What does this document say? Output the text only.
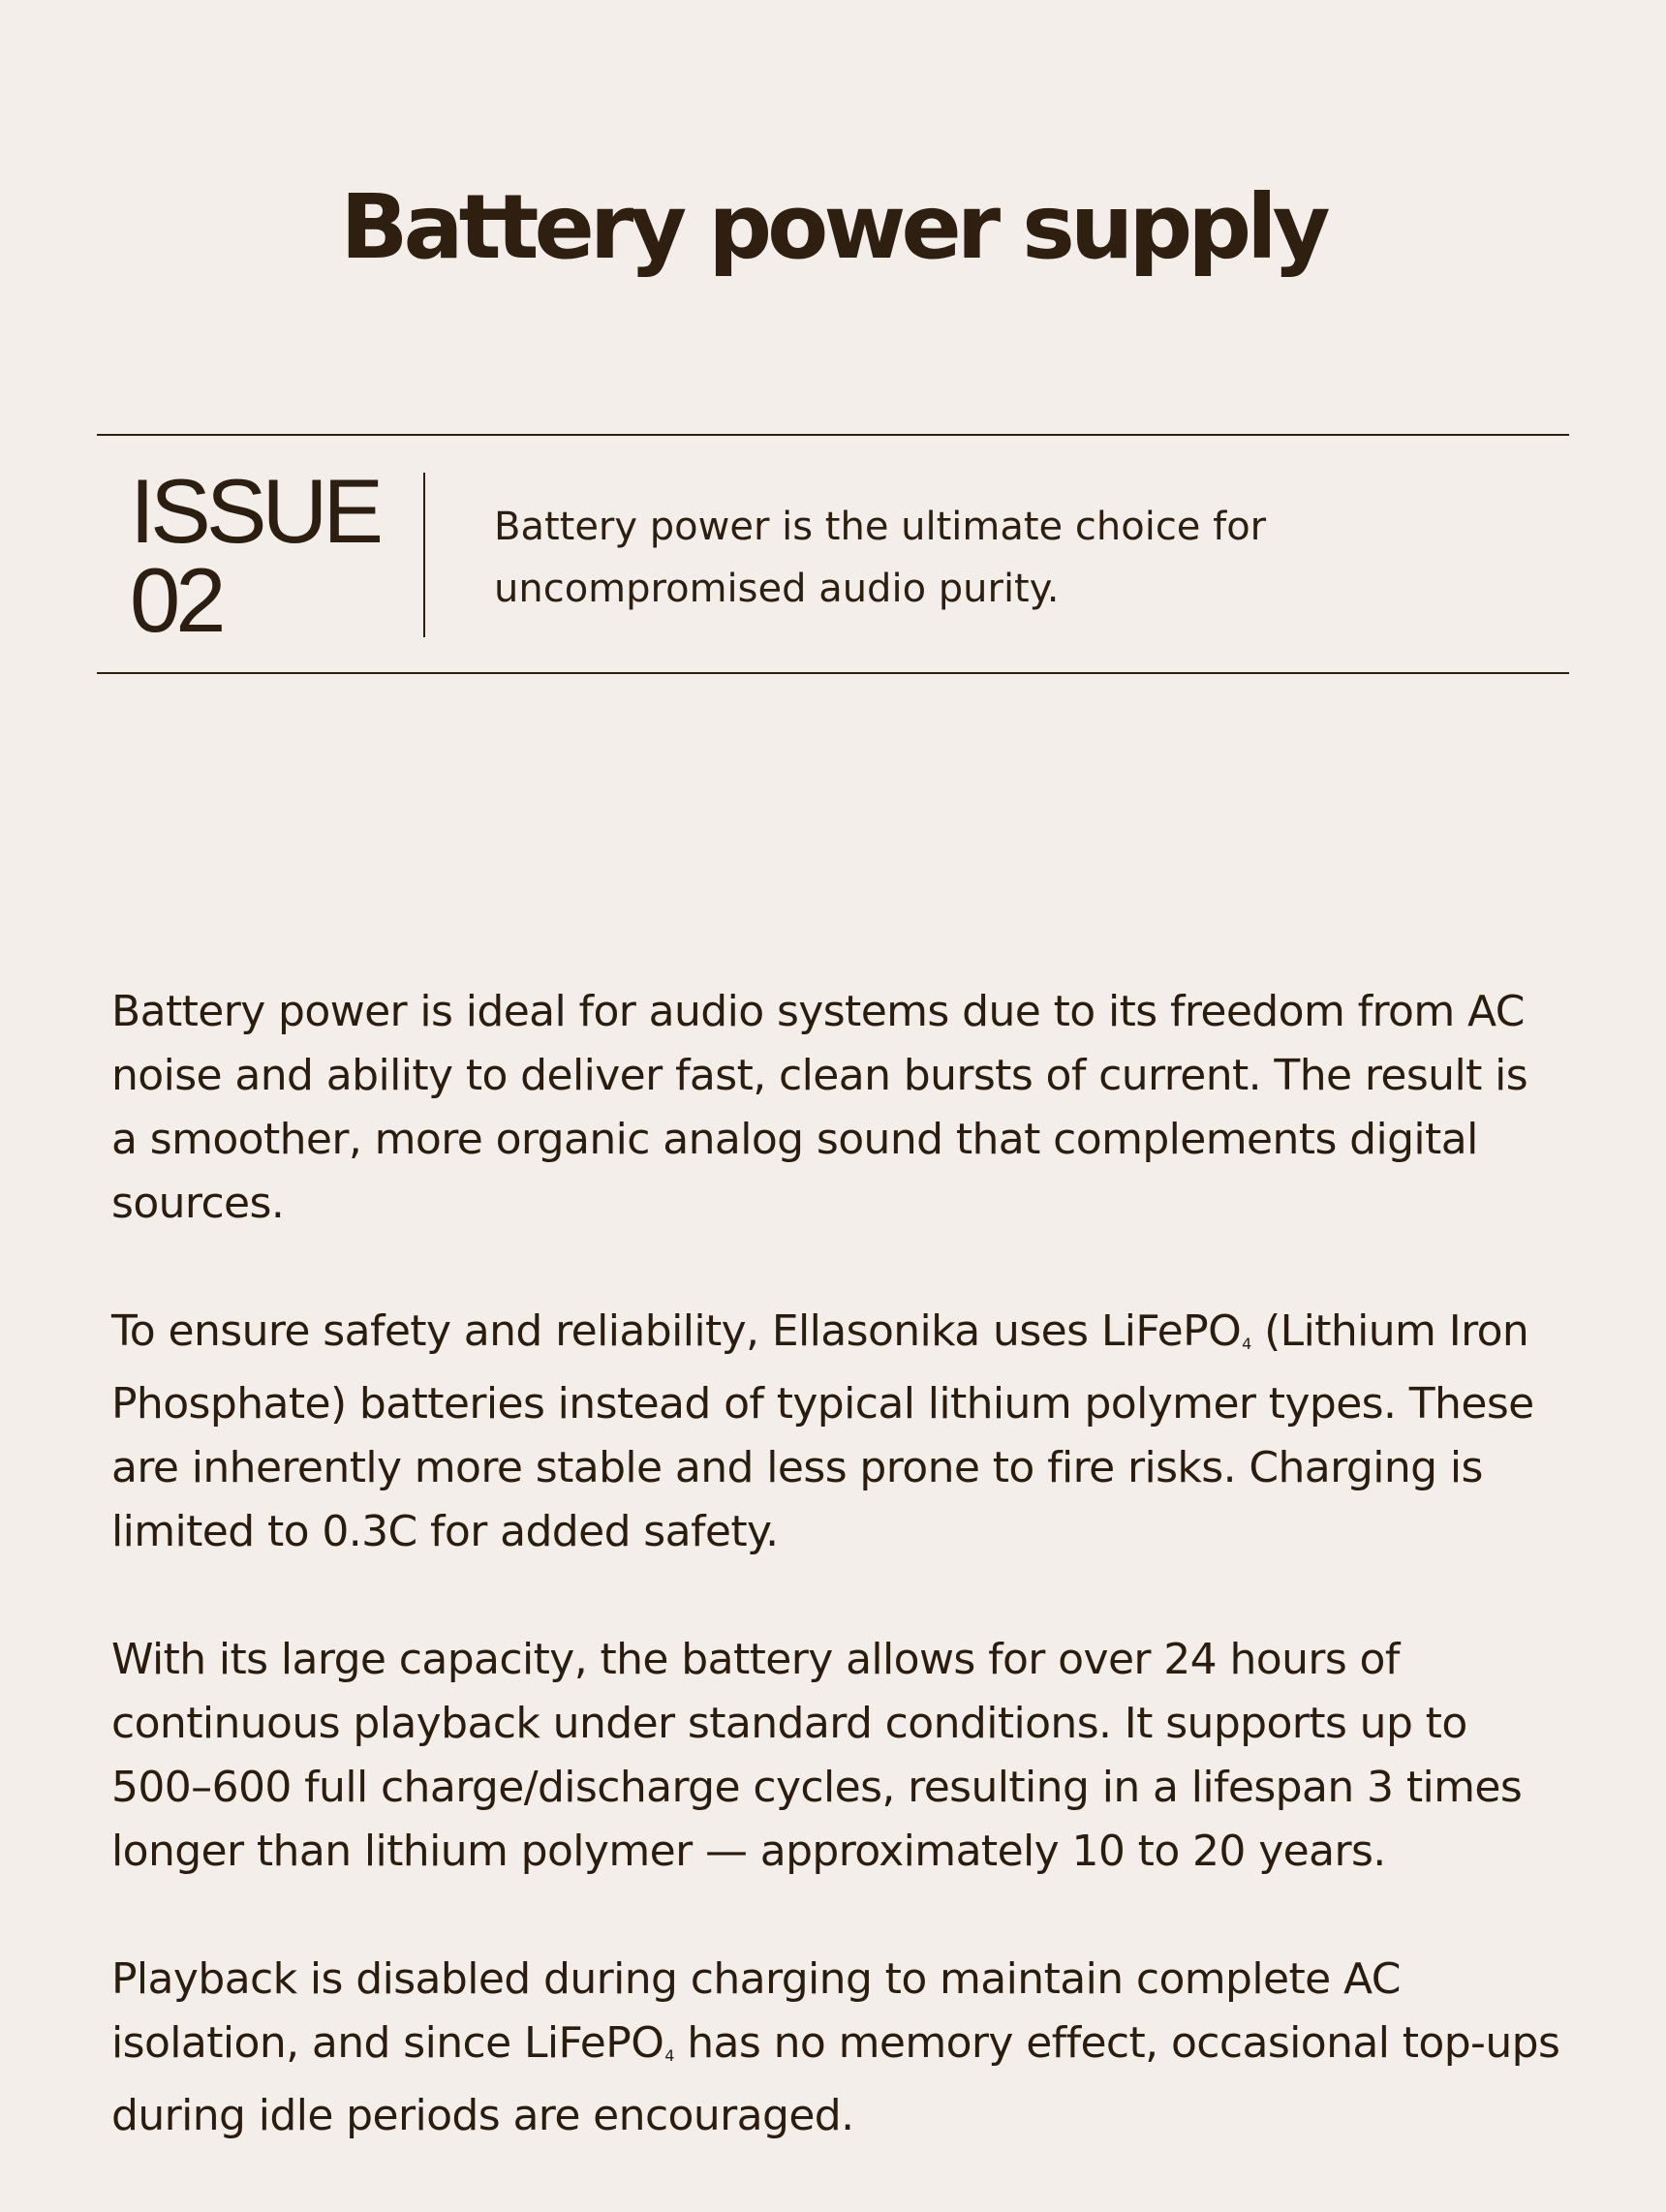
Battery power supply
ISSUE
02
Battery power is the ultimate choice for
uncompromised audio purity.

Battery power is ideal for audio systems due to its freedom from AC noise and ability to deliver fast, clean bursts of current. The result is a smoother, more organic analog sound that complements digital sources.

To ensure safety and reliability, Ellasonika uses LiFePO$_4$ (Lithium Iron Phosphate) batteries instead of typical lithium polymer types. These are inherently more stable and less prone to fire risks. Charging is limited to 0.3C for added safety.

With its large capacity, the battery allows for over 24 hours of continuous playback under standard conditions. It supports up to 500–600 full charge/discharge cycles, resulting in a lifespan 3 times longer than lithium polymer — approximately 10 to 20 years.

Playback is disabled during charging to maintain complete AC isolation, and since LiFePO$_4$ has no memory effect, occasional top-ups during idle periods are encouraged.
